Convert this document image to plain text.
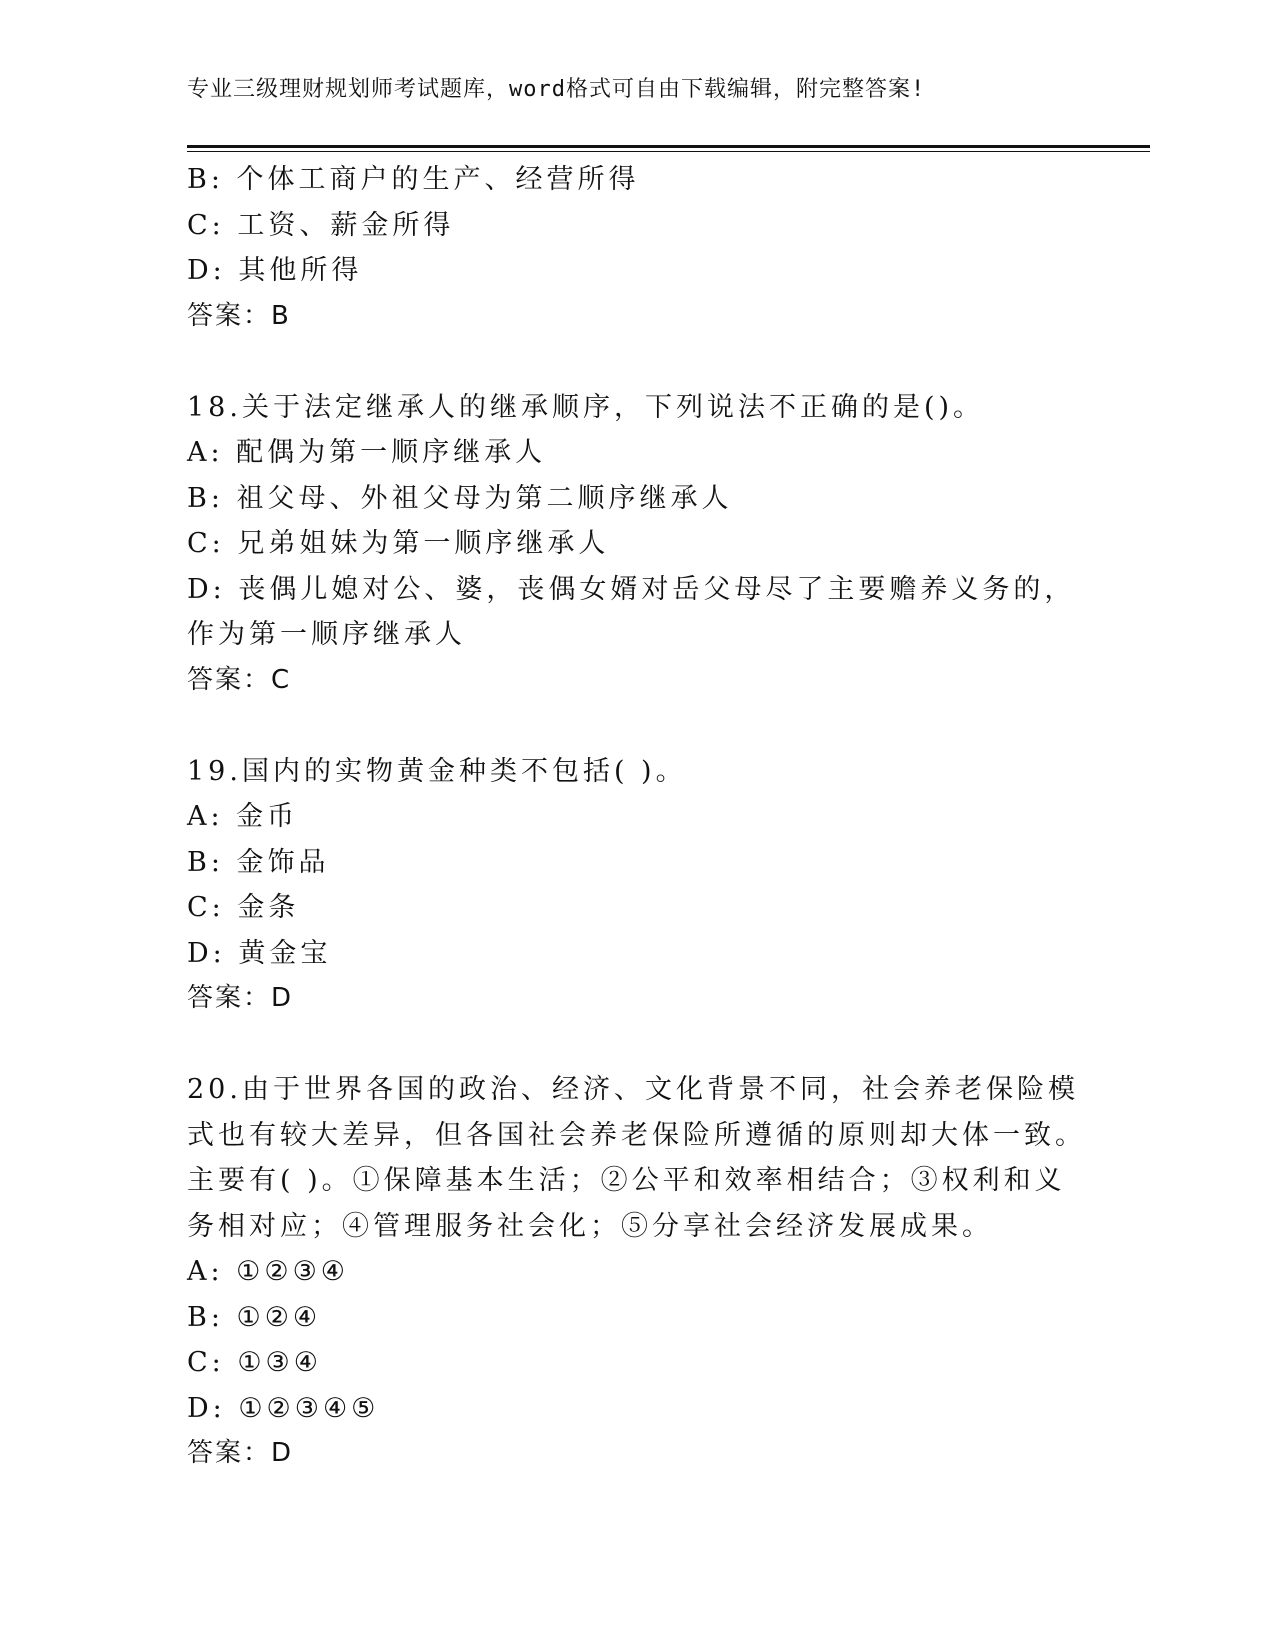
专业三级理财规划师考试题库，word格式可自由下载编辑，附完整答案!
B: 个体工商户的生产、经营所得
C: 工资、薪金所得
D: 其他所得
答案：B
18.关于法定继承人的继承顺序，下列说法不正确的是()。
A: 配偶为第一顺序继承人
B: 祖父母、外祖父母为第二顺序继承人
C: 兄弟姐妹为第一顺序继承人
D: 丧偶儿媳对公、婆，丧偶女婿对岳父母尽了主要赡养义务的，作为第一顺序继承人
答案：C
19.国内的实物黄金种类不包括( )。
A: 金币
B: 金饰品
C: 金条
D: 黄金宝
答案：D
20.由于世界各国的政治、经济、文化背景不同，社会养老保险模式也有较大差异，但各国社会养老保险所遵循的原则却大体一致。主要有( )。①保障基本生活；②公平和效率相结合；③权利和义务相对应；④管理服务社会化；⑤分享社会经济发展成果。
A: ①②③④
B: ①②④
C: ①③④
D: ①②③④⑤
答案：D
